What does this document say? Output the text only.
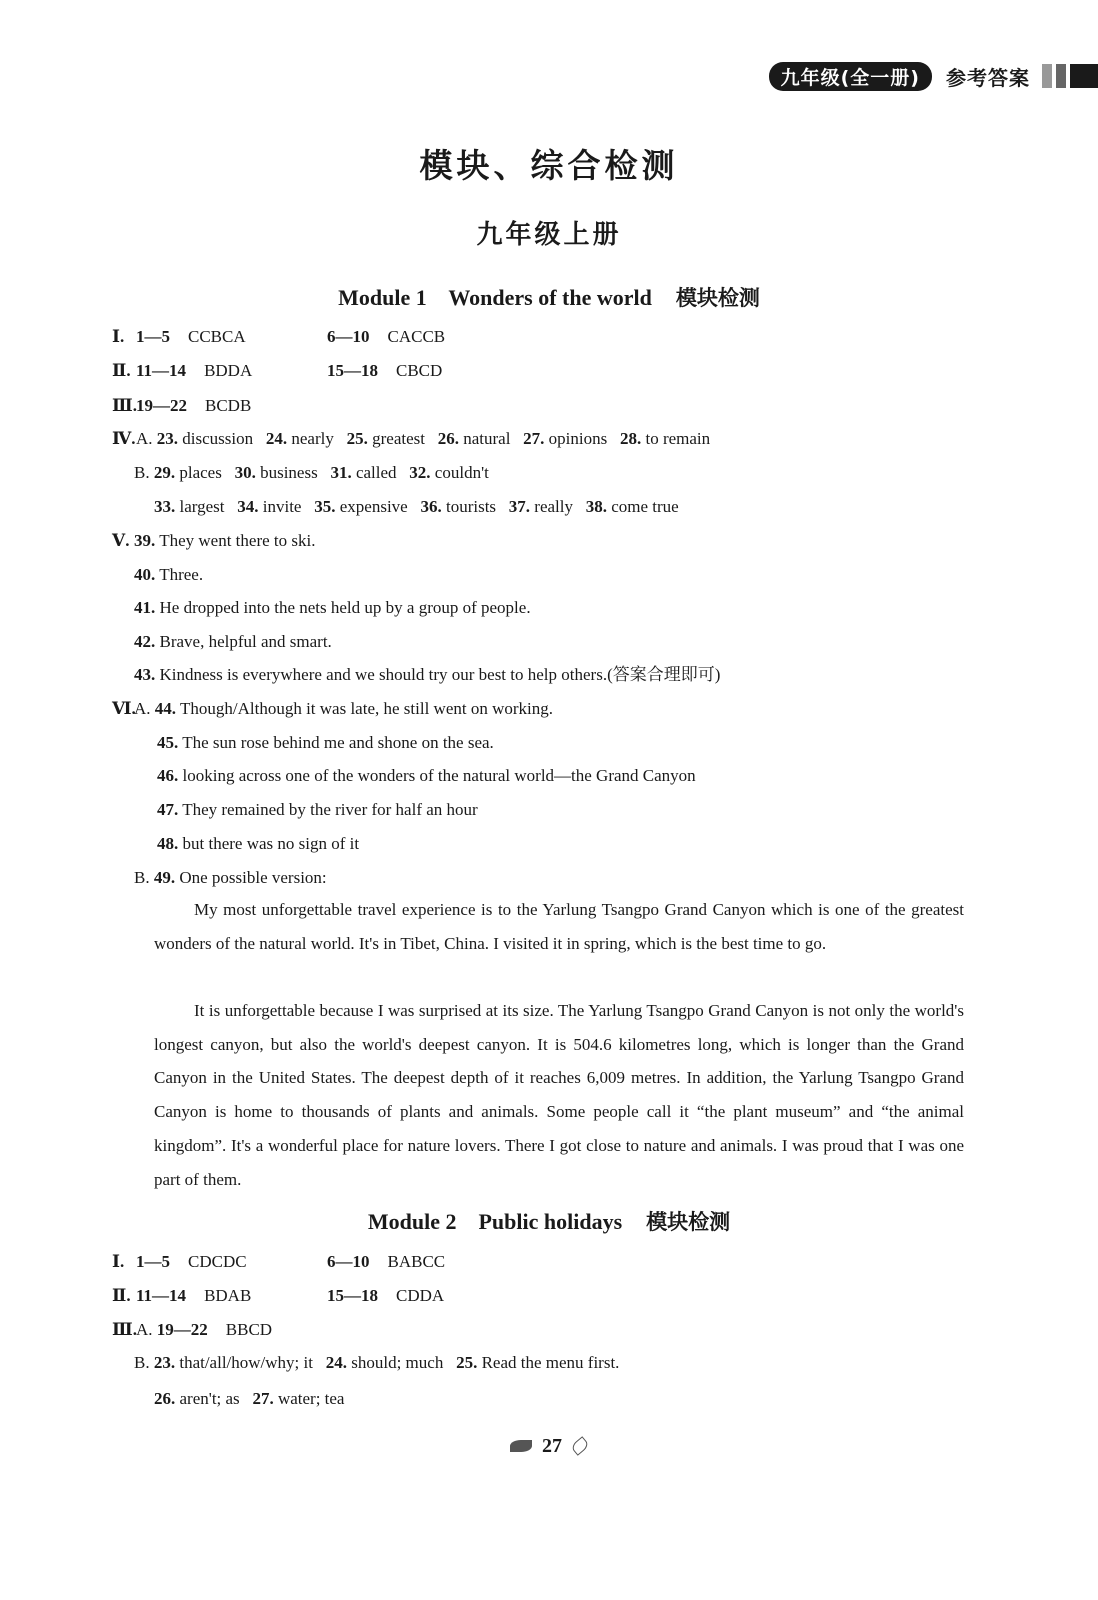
九年级(全一册)	参考答案
模块、综合检测
九年级上册
Module 1    Wonders of the world 模块检测
Ⅰ. 1—5 CCBCA	6—10 CACCB
Ⅱ. 11—14 BDDA	15—18 CBCD
Ⅲ.19—22 BCDB
Ⅳ.A. 23. discussion 24. nearly 25. greatest 26. natural 27. opinions 28. to remain
B. 29. places 30. business 31. called 32. couldn't
33. largest 34. invite 35. expensive 36. tourists 37. really 38. come true
Ⅴ. 39. They went there to ski.
40. Three.
41. He dropped into the nets held up by a group of people.
42. Brave, helpful and smart.
43. Kindness is everywhere and we should try our best to help others.(答案合理即可)
Ⅵ.A. 44. Though/Although it was late, he still went on working.
45. The sun rose behind me and shone on the sea.
46. looking across one of the wonders of the natural world—the Grand Canyon
47. They remained by the river for half an hour
48. but there was no sign of it
B. 49. One possible version:
My most unforgettable travel experience is to the Yarlung Tsangpo Grand Canyon which is one of the greatest wonders of the natural world. It's in Tibet, China. I visited it in spring, which is the best time to go.
It is unforgettable because I was surprised at its size. The Yarlung Tsangpo Grand Canyon is not only the world's longest canyon, but also the world's deepest canyon. It is 504.6 kilometres long, which is longer than the Grand Canyon in the United States. The deepest depth of it reaches 6,009 metres. In addition, the Yarlung Tsangpo Grand Canyon is home to thousands of plants and animals. Some people call it “the plant museum” and “the animal kingdom”. It's a wonderful place for nature lovers. There I got close to nature and animals. I was proud that I was one part of them.
Module 2    Public holidays 模块检测
Ⅰ. 1—5 CDCDC	6—10 BABCC
Ⅱ. 11—14 BDAB	15—18 CDDA
Ⅲ.A. 19—22 BBCD
B. 23. that/all/how/why; it 24. should; much 25. Read the menu first.
26. aren't; as 27. water; tea
27
